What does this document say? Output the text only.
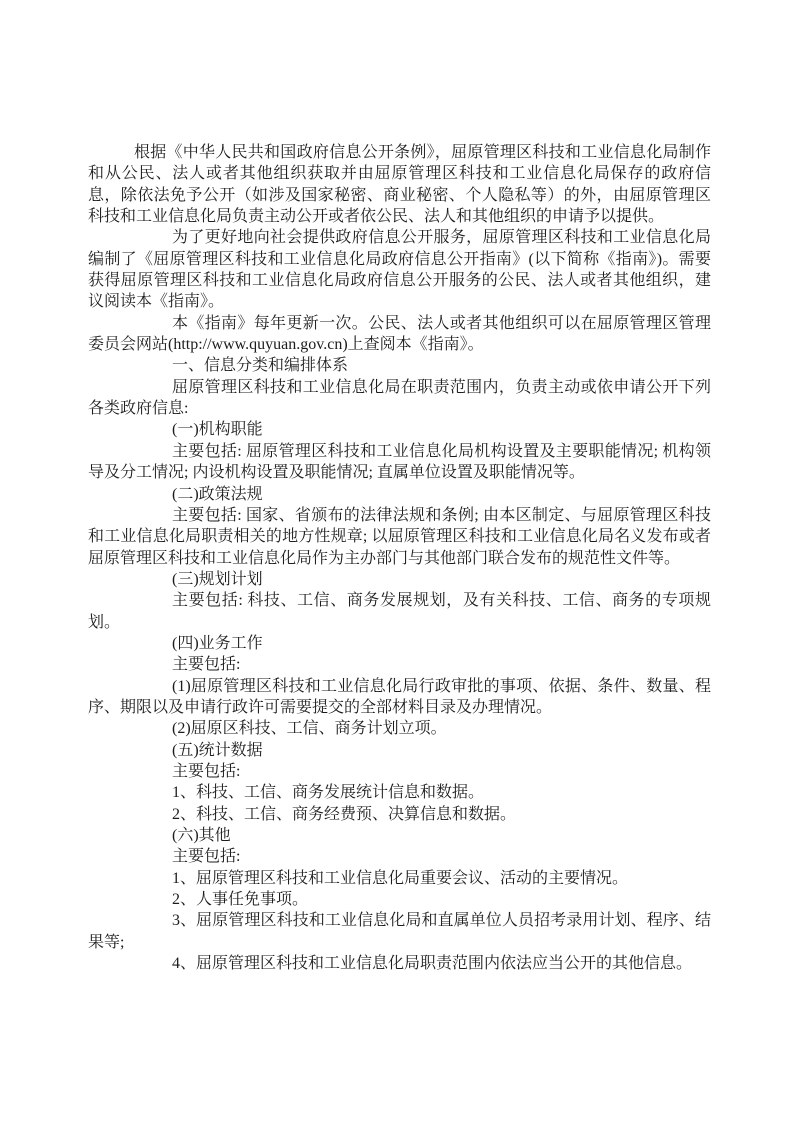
根据《中华人民共和国政府信息公开条例》，屈原管理区科技和工业信息化局制作和从公民、法人或者其他组织获取并由屈原管理区科技和工业信息化局保存的政府信息，除依法免予公开（如涉及国家秘密、商业秘密、个人隐私等）的外，由屈原管理区科技和工业信息化局负责主动公开或者依公民、法人和其他组织的申请予以提供。

为了更好地向社会提供政府信息公开服务，屈原管理区科技和工业信息化局编制了《屈原管理区科技和工业信息化局政府信息公开指南》(以下简称《指南》)。需要获得屈原管理区科技和工业信息化局政府信息公开服务的公民、法人或者其他组织，建议阅读本《指南》。

本《指南》每年更新一次。公民、法人或者其他组织可以在屈原管理区管理委员会网站(http://www.quyuan.gov.cn)上查阅本《指南》。

一、信息分类和编排体系

屈原管理区科技和工业信息化局在职责范围内，负责主动或依申请公开下列各类政府信息:

(一)机构职能

主要包括: 屈原管理区科技和工业信息化局机构设置及主要职能情况; 机构领导及分工情况; 内设机构设置及职能情况; 直属单位设置及职能情况等。

(二)政策法规

主要包括: 国家、省颁布的法律法规和条例; 由本区制定、与屈原管理区科技和工业信息化局职责相关的地方性规章; 以屈原管理区科技和工业信息化局名义发布或者屈原管理区科技和工业信息化局作为主办部门与其他部门联合发布的规范性文件等。

(三)规划计划

主要包括: 科技、工信、商务发展规划，及有关科技、工信、商务的专项规划。

(四)业务工作

主要包括:

(1)屈原管理区科技和工业信息化局行政审批的事项、依据、条件、数量、程序、期限以及申请行政许可需要提交的全部材料目录及办理情况。

(2)屈原区科技、工信、商务计划立项。

(五)统计数据

主要包括:

1、科技、工信、商务发展统计信息和数据。

2、科技、工信、商务经费预、决算信息和数据。

(六)其他

主要包括:

1、屈原管理区科技和工业信息化局重要会议、活动的主要情况。

2、人事任免事项。

3、屈原管理区科技和工业信息化局和直属单位人员招考录用计划、程序、结果等;

4、屈原管理区科技和工业信息化局职责范围内依法应当公开的其他信息。
